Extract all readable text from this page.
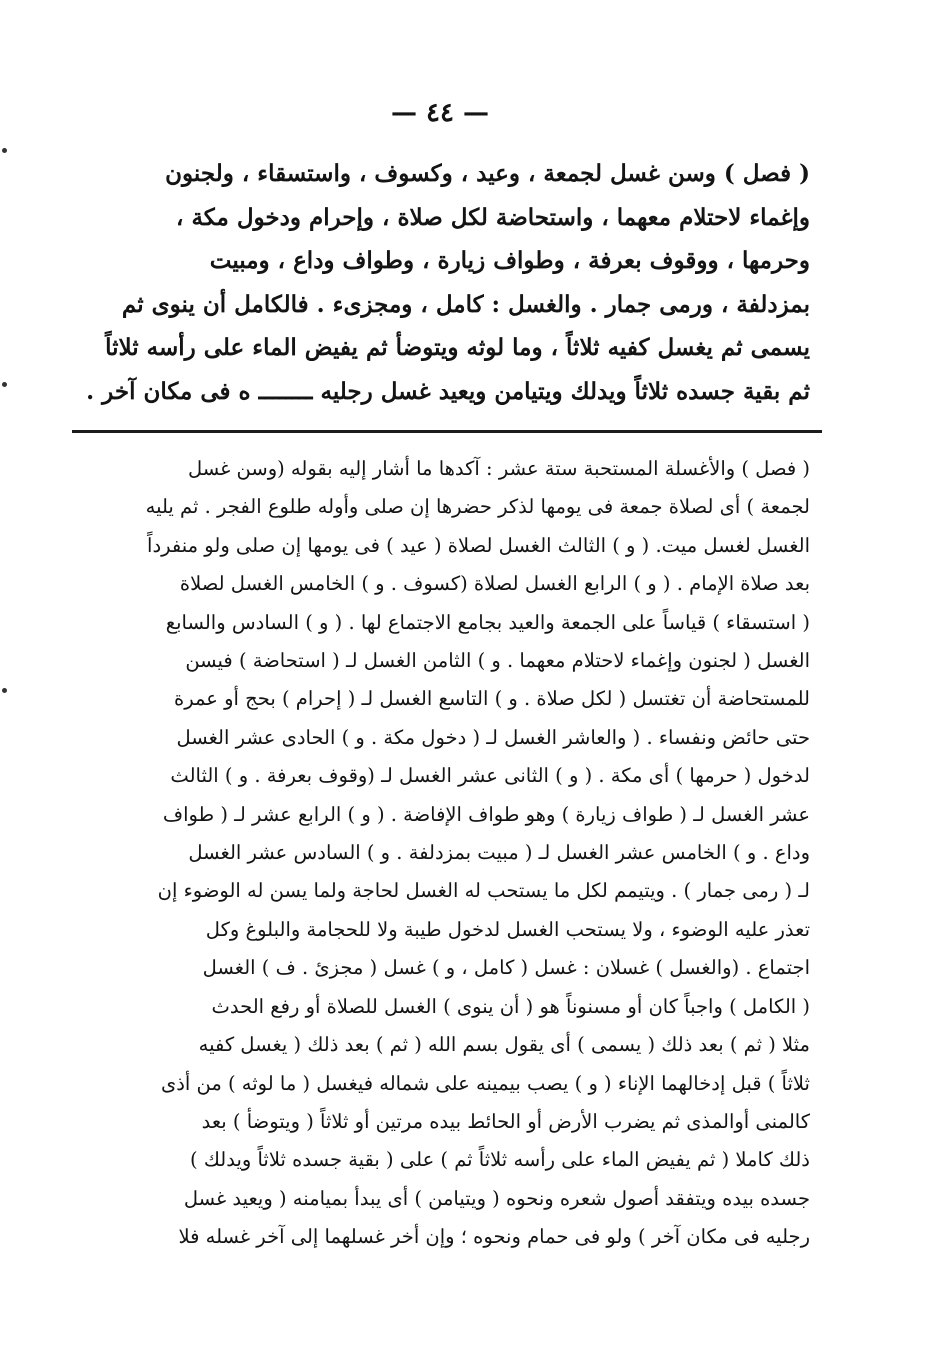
— ٤٤ —
( فصل ) وسن غسل لجمعة ، وعيد ، وكسوف ، واستسقاء ، ولجنون
وإغماء لاحتلام معهما ، واستحاضة لكل صلاة ، وإحرام ودخول مكة ،
وحرمها ، ووقوف بعرفة ، وطواف زيارة ، وطواف وداع ، ومبيت
بمزدلفة ، ورمى جمار . والغسل : كامل ، ومجزىء . فالكامل أن ينوى ثم
يسمى ثم يغسل كفيه ثلاثاً ، وما لوثه ويتوضأ ثم يفيض الماء على رأسه ثلاثاً
ثم بقية جسده ثلاثاً ويدلك ويتيامن ويعيد غسل رجليه ــــــــ ه فى مكان آخر .
( فصل ) والأغسلة المستحبة ستة عشر : آكدها ما أشار إليه بقوله (وسن غسل
لجمعة ) أى لصلاة جمعة فى يومها لذكر حضرها إن صلى وأوله طلوع الفجر . ثم يليه
الغسل لغسل ميت. ( و ) الثالث الغسل لصلاة ( عيد ) فى يومها إن صلى ولو منفرداً
بعد صلاة الإمام . ( و ) الرابع الغسل لصلاة (كسوف . و ) الخامس الغسل لصلاة
( استسقاء ) قياساً على الجمعة والعيد بجامع الاجتماع لها . ( و ) السادس والسابع
الغسل ( لجنون وإغماء لاحتلام معهما . و ) الثامن الغسل لـ ( استحاضة ) فيسن
للمستحاضة أن تغتسل ( لكل صلاة . و ) التاسع الغسل لـ ( إحرام ) بحج أو عمرة
حتى حائض ونفساء . ( والعاشر الغسل لـ ( دخول مكة . و ) الحادى عشر الغسل
لدخول ( حرمها ) أى مكة . ( و ) الثانى عشر الغسل لـ (وقوف بعرفة . و ) الثالث
عشر الغسل لـ ( طواف زيارة ) وهو طواف الإفاضة . ( و ) الرابع عشر لـ ( طواف
وداع . و ) الخامس عشر الغسل لـ ( مبيت بمزدلفة . و ) السادس عشر الغسل
لـ ( رمى جمار ) . ويتيمم لكل ما يستحب له الغسل لحاجة ولما يسن له الوضوء إن
تعذر عليه الوضوء ، ولا يستحب الغسل لدخول طيبة ولا للحجامة والبلوغ وكل
اجتماع . (والغسل ) غسلان : غسل ( كامل ، و ) غسل ( مجزئ . ف ) الغسل
( الكامل ) واجباً كان أو مسنوناً هو ( أن ينوى ) الغسل للصلاة أو رفع الحدث
مثلا ( ثم ) بعد ذلك ( يسمى ) أى يقول بسم الله ( ثم ) بعد ذلك ( يغسل كفيه
ثلاثاً ) قبل إدخالهما الإناء ( و ) يصب بيمينه على شماله فيغسل ( ما لوثه ) من أذى
كالمنى أوالمذى ثم يضرب الأرض أو الحائط بيده مرتين أو ثلاثاً ( ويتوضأ ) بعد
ذلك كاملا ( ثم يفيض الماء على رأسه ثلاثاً ثم ) على ( بقية جسده ثلاثاً ويدلك )
جسده بيده ويتفقد أصول شعره ونحوه ( ويتيامن ) أى يبدأ بميامنه ( ويعيد غسل
رجليه فى مكان آخر ) ولو فى حمام ونحوه ؛ وإن أخر غسلهما إلى آخر غسله فلا
